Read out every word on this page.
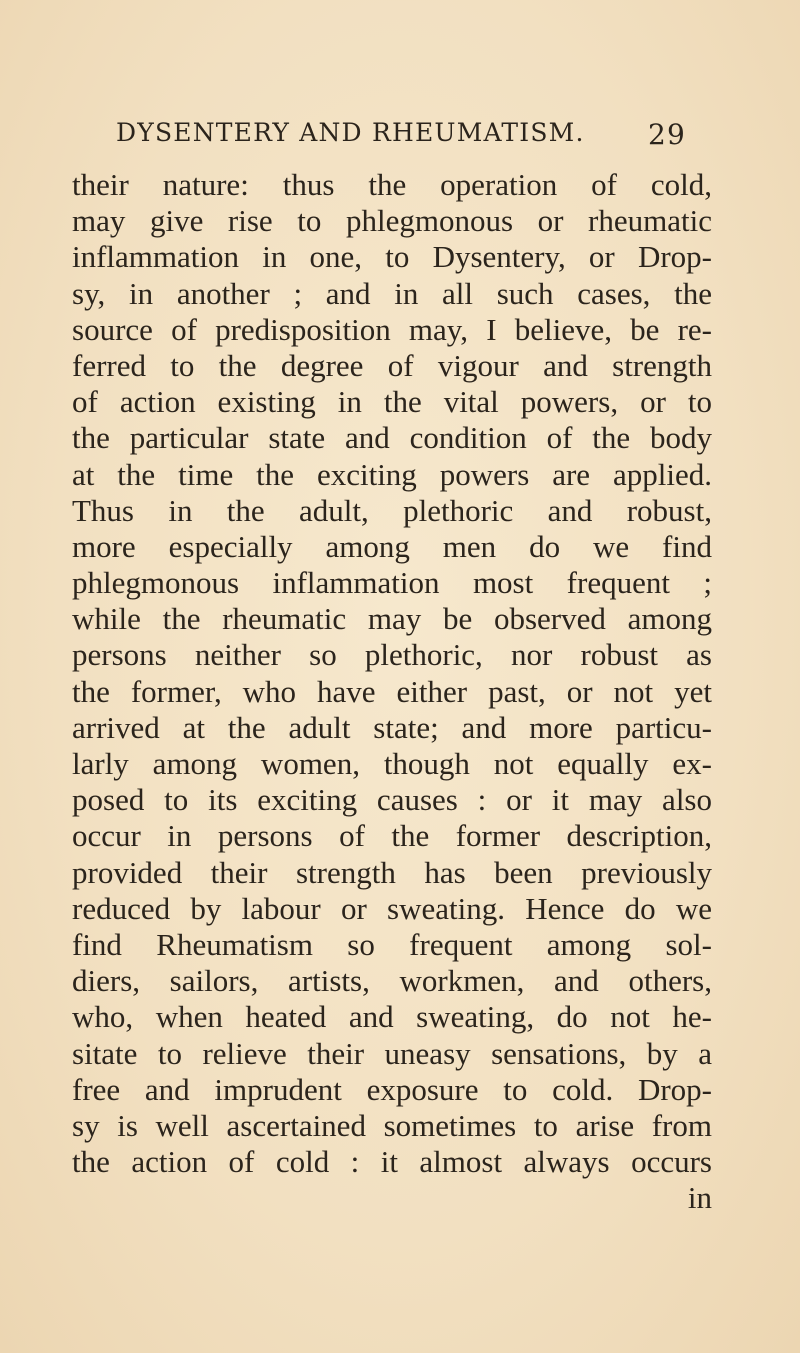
DYSENTERY AND RHEUMATISM. 29
their nature: thus the operation of cold,
may give rise to phlegmonous or rheumatic
inflammation in one, to Dysentery, or Drop-
sy, in another ; and in all such cases, the
source of predisposition may, I believe, be re-
ferred to the degree of vigour and strength
of action existing in the vital powers, or to
the particular state and condition of the body
at the time the exciting powers are applied.
Thus in the adult, plethoric and robust,
more especially among men do we find
phlegmonous inflammation most frequent ;
while the rheumatic may be observed among
persons neither so plethoric, nor robust as
the former, who have either past, or not yet
arrived at the adult state; and more particu-
larly among women, though not equally ex-
posed to its exciting causes : or it may also
occur in persons of the former description,
provided their strength has been previously
reduced by labour or sweating. Hence do we
find Rheumatism so frequent among sol-
diers, sailors, artists, workmen, and others,
who, when heated and sweating, do not he-
sitate to relieve their uneasy sensations, by a
free and imprudent exposure to cold. Drop-
sy is well ascertained sometimes to arise from
the action of cold : it almost always occurs
in
